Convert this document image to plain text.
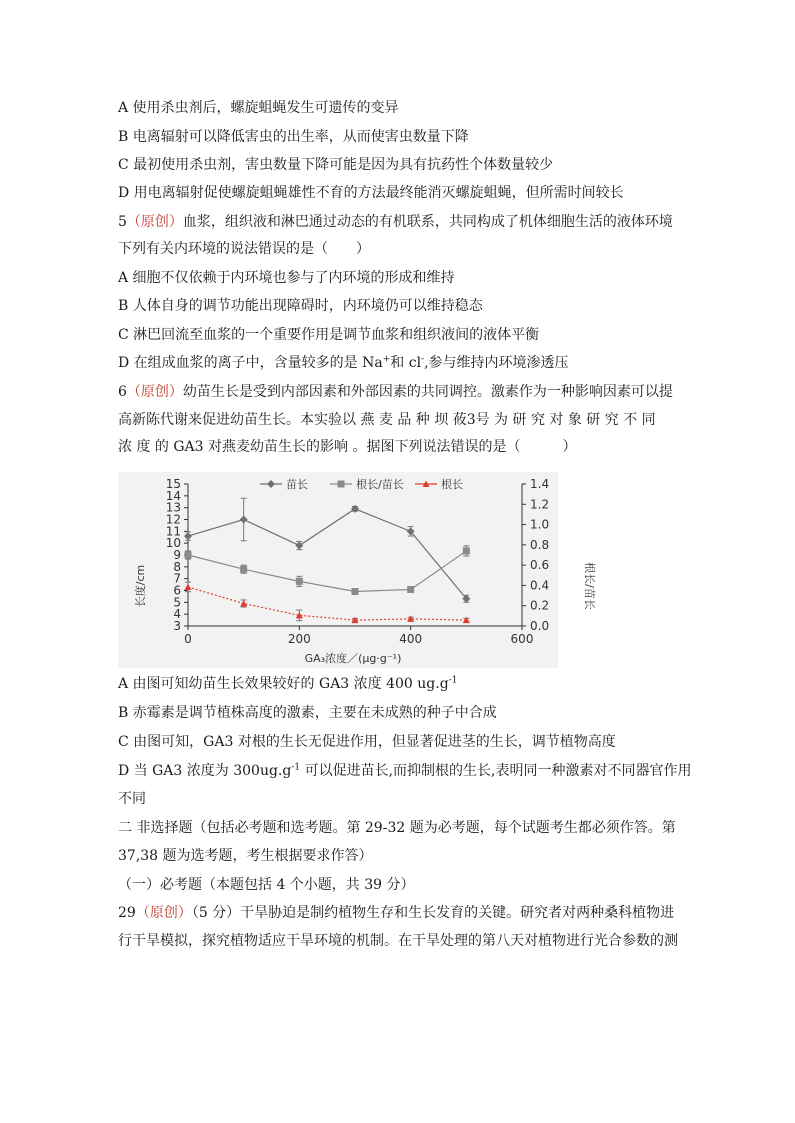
A 使用杀虫剂后，螺旋蛆蝇发生可遗传的变异
B 电离辐射可以降低害虫的出生率，从而使害虫数量下降
C 最初使用杀虫剂，害虫数量下降可能是因为具有抗药性个体数量较少
D 用电离辐射促使螺旋蛆蝇雄性不育的方法最终能消灭螺旋蛆蝇，但所需时间较长
5（原创）血浆，组织液和淋巴通过动态的有机联系，共同构成了机体细胞生活的液体环境
下列有关内环境的说法错误的是（　　）
A 细胞不仅依赖于内环境也参与了内环境的形成和维持
B 人体自身的调节功能出现障碍时，内环境仍可以维持稳态
C 淋巴回流至血浆的一个重要作用是调节血浆和组织液间的液体平衡
D 在组成血浆的离子中，含量较多的是 Na+和 cl-,参与维持内环境渗透压
6（原创）幼苗生长是受到内部因素和外部因素的共同调控。激素作为一种影响因素可以提
高新陈代谢来促进幼苗生长。本实验以 燕 麦 品 种 坝 莜3号 为 研 究 对 象 研 究 不 同
浓 度 的 GA3 对燕麦幼苗生长的影响 。据图下列说法错误的是（　　　）
苗长	根长/苗长	根长
3
4
5
6
7
8
9
10
11
12
13
14
15
0.0
0.2
0.4
0.6
0.8
1.0
1.2
1.4
0	200	400	600
长度/cm	根长/苗长
GA₃浓度／(μg·g⁻¹)
A 由图可知幼苗生长效果较好的 GA3 浓度 400 $ug.g^{-1}$
B 赤霉素是调节植株高度的激素，主要在未成熟的种子中合成
C 由图可知，GA3 对根的生长无促进作用，但显著促进茎的生长，调节植物高度
D 当 GA3 浓度为 $300ug.g^{-1}$ 可以促进苗长,而抑制根的生长,表明同一种激素对不同器官作用
不同
二 非选择题（包括必考题和选考题。第 29-32 题为必考题，每个试题考生都必须作答。第
37,38 题为选考题，考生根据要求作答）
（一）必考题（本题包括 4 个小题，共 39 分）
29（原创）（5 分）干旱胁迫是制约植物生存和生长发育的关键。研究者对两种桑科植物进
行干旱模拟，探究植物适应干旱环境的机制。在干旱处理的第八天对植物进行光合参数的测
